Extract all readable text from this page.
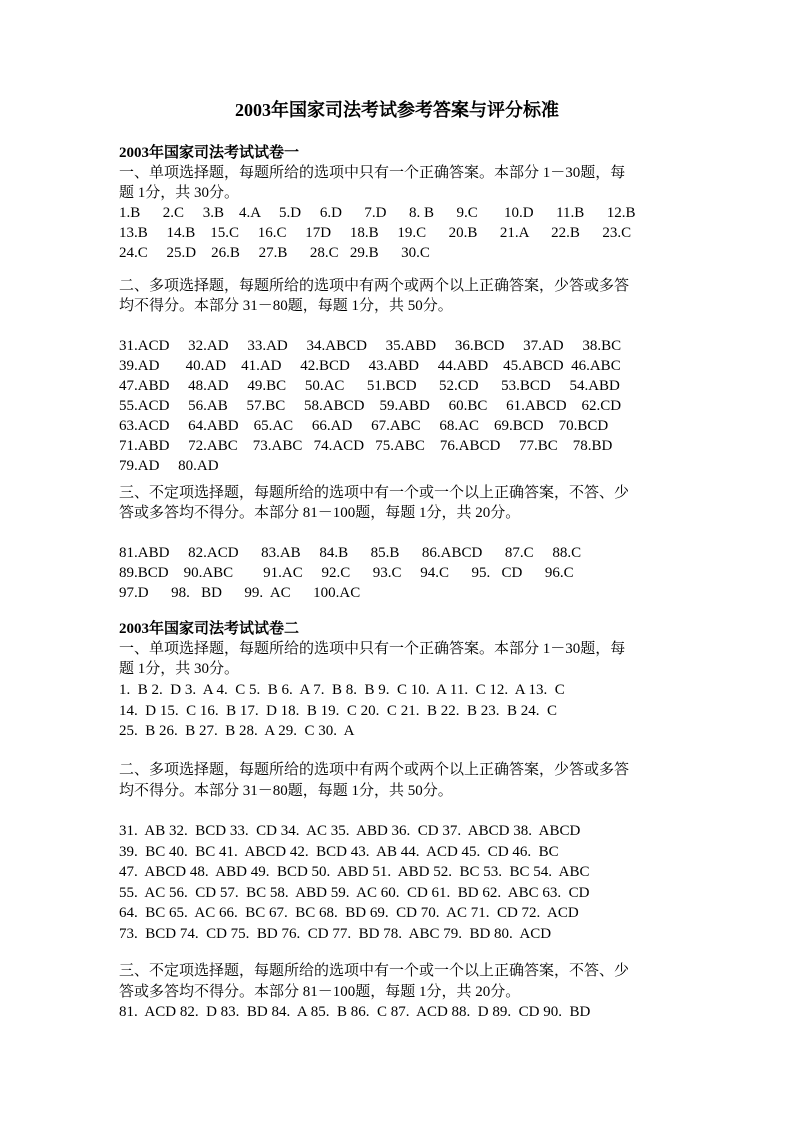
2003年国家司法考试参考答案与评分标准
2003年国家司法考试试卷一
一、单项选择题，每题所给的选项中只有一个正确答案。本部分 1－30题，每
题 1分，共 30分。
1.B      2.C     3.B    4.A     5.D     6.D      7.D      8. B      9.C       10.D      11.B      12.B
13.B     14.B    15.C     16.C     17D     18.B     19.C      20.B      21.A      22.B      23.C
24.C     25.D    26.B     27.B      28.C   29.B      30.C
二、多项选择题，每题所给的选项中有两个或两个以上正确答案，少答或多答
均不得分。本部分 31－80题，每题 1分，共 50分。
31.ACD     32.AD     33.AD     34.ABCD     35.ABD     36.BCD     37.AD     38.BC
39.AD       40.AD    41.AD     42.BCD     43.ABD     44.ABD    45.ABCD  46.ABC
47.ABD     48.AD     49.BC     50.AC      51.BCD      52.CD      53.BCD     54.ABD
55.ACD     56.AB     57.BC     58.ABCD    59.ABD     60.BC     61.ABCD    62.CD
63.ACD     64.ABD    65.AC     66.AD     67.ABC     68.AC    69.BCD    70.BCD
71.ABD     72.ABC    73.ABC   74.ACD   75.ABC    76.ABCD     77.BC    78.BD
79.AD     80.AD
三、不定项选择题，每题所给的选项中有一个或一个以上正确答案，不答、少
答或多答均不得分。本部分 81－100题，每题 1分，共 20分。
81.ABD     82.ACD      83.AB     84.B      85.B      86.ABCD      87.C     88.C
89.BCD    90.ABC        91.AC     92.C      93.C     94.C      95.   CD      96.C
97.D      98.   BD      99.  AC      100.AC
2003年国家司法考试试卷二
一、单项选择题，每题所给的选项中只有一个正确答案。本部分 1－30题，每
题 1分，共 30分。
1.  B 2.  D 3.  A 4.  C 5.  B 6.  A 7.  B 8.  B 9.  C 10.  A 11.  C 12.  A 13.  C
14.  D 15.  C 16.  B 17.  D 18.  B 19.  C 20.  C 21.  B 22.  B 23.  B 24.  C
25.  B 26.  B 27.  B 28.  A 29.  C 30.  A
二、多项选择题，每题所给的选项中有两个或两个以上正确答案，少答或多答
均不得分。本部分 31－80题，每题 1分，共 50分。
31.  AB 32.  BCD 33.  CD 34.  AC 35.  ABD 36.  CD 37.  ABCD 38.  ABCD
39.  BC 40.  BC 41.  ABCD 42.  BCD 43.  AB 44.  ACD 45.  CD 46.  BC
47.  ABCD 48.  ABD 49.  BCD 50.  ABD 51.  ABD 52.  BC 53.  BC 54.  ABC
55.  AC 56.  CD 57.  BC 58.  ABD 59.  AC 60.  CD 61.  BD 62.  ABC 63.  CD
64.  BC 65.  AC 66.  BC 67.  BC 68.  BD 69.  CD 70.  AC 71.  CD 72.  ACD
73.  BCD 74.  CD 75.  BD 76.  CD 77.  BD 78.  ABC 79.  BD 80.  ACD
三、不定项选择题，每题所给的选项中有一个或一个以上正确答案，不答、少
答或多答均不得分。本部分 81－100题，每题 1分，共 20分。
81.  ACD 82.  D 83.  BD 84.  A 85.  B 86.  C 87.  ACD 88.  D 89.  CD 90.  BD
